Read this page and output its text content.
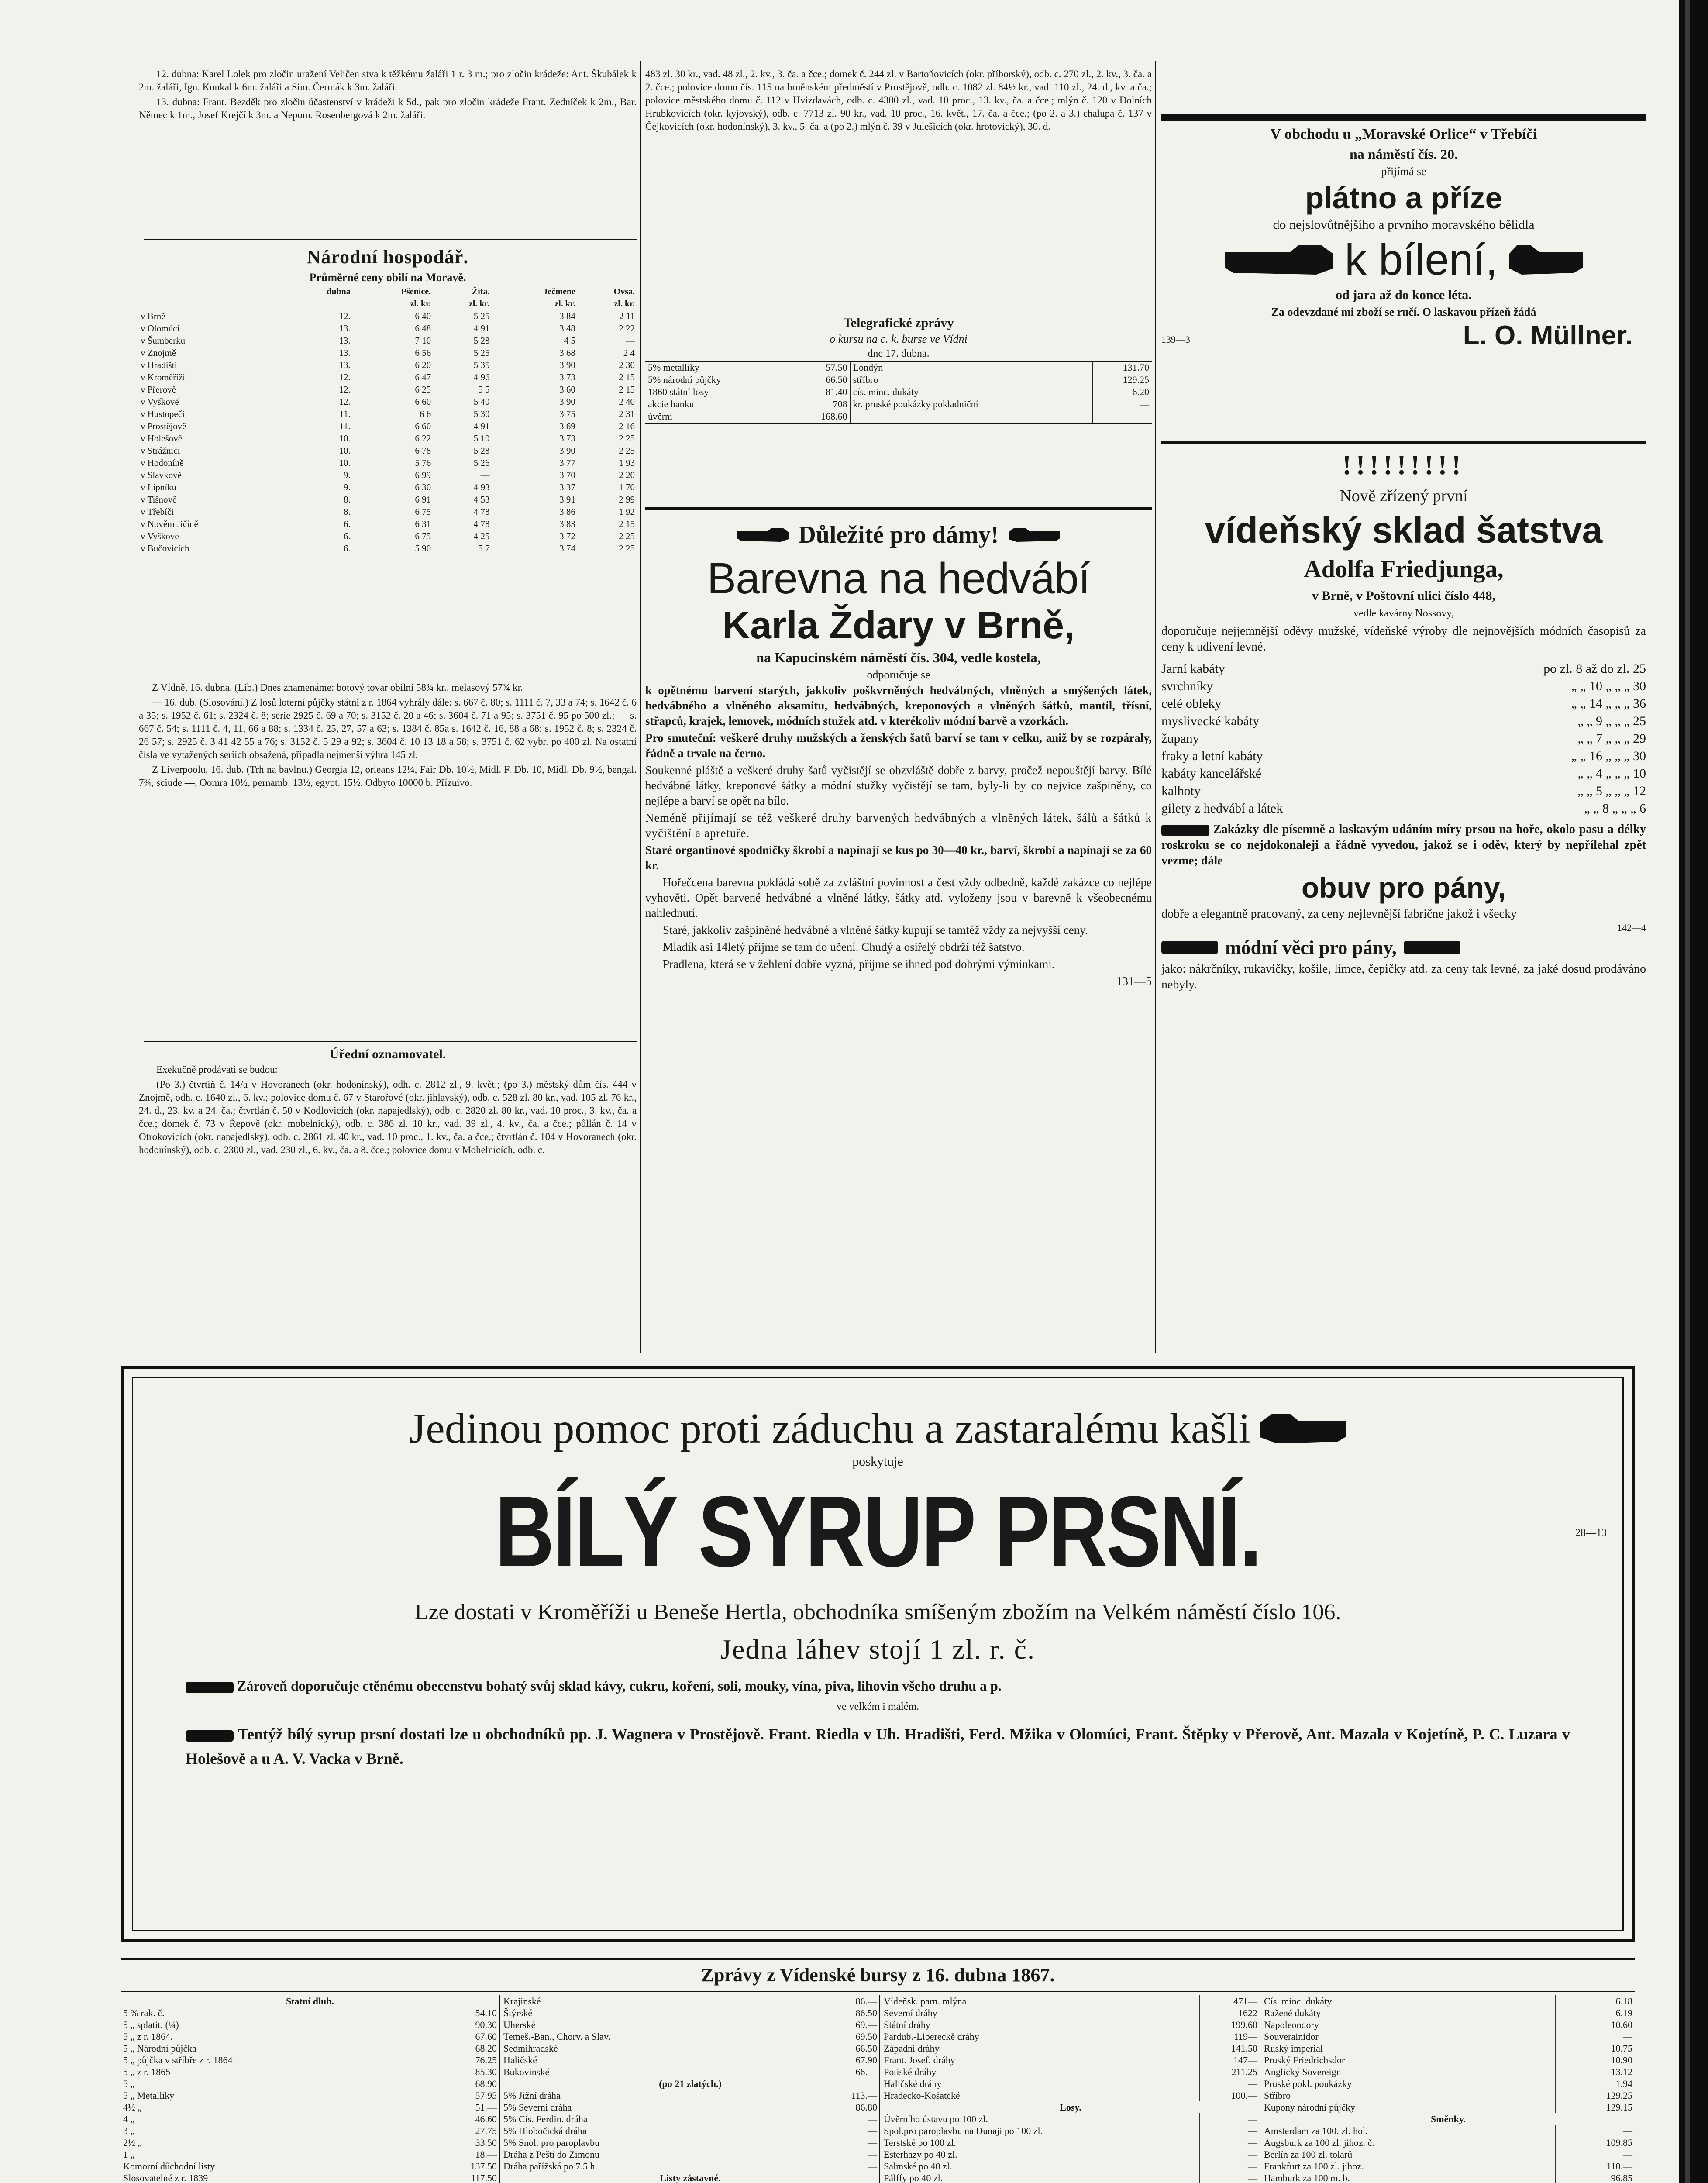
12. dubna: Karel Lolek pro zločin uražení Veličen stva k těžkému žaláři 1 r. 3 m.; pro zločin krádeže: Ant. Škubálek k 2m. žaláři, Ign. Koukal k 6m. žaláři a Sim. Čermák k 3m. žaláři.

13. dubna: Frant. Bezděk pro zločin účastenství v krádeži k 5d., pak pro zločin krádeže Frant. Zedníček k 2m., Bar. Němec k 1m., Josef Krejčí k 3m. a Nepom. Rosenbergová k 2m. žaláři.

Národní hospodář.
Průměrné ceny obilí na Moravě.
	dubna	Pšenice.	Žita.	Ječmene	Ovsa.
		zl. kr.	zl. kr.	zl. kr.	zl. kr.
v Brně	12.	6 40	5 25	3 84	2 11
v Olomúci	13.	6 48	4 91	3 48	2 22
v Šumberku	13.	7 10	5 28	4 5	—
v Znojmě	13.	6 56	5 25	3 68	2 4
v Hradišti	13.	6 20	5 35	3 90	2 30
v Kroměříži	12.	6 47	4 96	3 73	2 15
v Přerově	12.	6 25	5 5	3 60	2 15
v Vyškově	12.	6 60	5 40	3 90	2 40
v Hustopeči	11.	6 6	5 30	3 75	2 31
v Prostějově	11.	6 60	4 91	3 69	2 16
v Holešově	10.	6 22	5 10	3 73	2 25
v Strážnici	10.	6 78	5 28	3 90	2 25
v Hodoníně	10.	5 76	5 26	3 77	1 93
v Slavkově	9.	6 99	—	3 70	2 20
v Lipníku	9.	6 30	4 93	3 37	1 70
v Tišnově	8.	6 91	4 53	3 91	2 99
v Třebíči	8.	6 75	4 78	3 86	1 92
v Nověm Jičíně	6.	6 31	4 78	3 83	2 15
v Vyškove	6.	6 75	4 25	3 72	2 25
v Bučovicích	6.	5 90	5 7	3 74	2 25

Z Vídně, 16. dubna. (Lib.) Dnes znamenáme: botový tovar obilní 58¾ kr., melasový 57¾ kr.

— 16. dub. (Slosování.) Z losů loterní půjčky státní z r. 1864 vyhrály dále: s. 667 č. 80; s. 1111 č. 7, 33 a 74; s. 1642 č. 6 a 35; s. 1952 č. 61; s. 2324 č. 8; serie 2925 č. 69 a 70; s. 3152 č. 20 a 46; s. 3604 č. 71 a 95; s. 3751 č. 95 po 500 zl.; — s. 667 č. 54; s. 1111 č. 4, 11, 66 a 88; s. 1334 č. 25, 27, 57 a 63; s. 1384 č. 85a s. 1642 č. 16, 88 a 68; s. 1952 č. 8; s. 2324 č. 26 57; s. 2925 č. 3 41 42 55 a 76; s. 3152 č. 5 29 a 92; s. 3604 č. 10 13 18 a 58; s. 3751 č. 62 vybr. po 400 zl. Na ostatní čísla ve vytažených seriích obsažená, připadla nejmenší výhra 145 zl.

Z Liverpoolu, 16. dub. (Trh na bavlnu.) Georgia 12, orleans 12¼, Fair Db. 10½, Midl. F. Db. 10, Midl. Db. 9½, bengal. 7¾, sciude —, Oomra 10½, pernamb. 13½, egypt. 15½. Odbyto 10000 b. Přízuivo.

Úřední oznamovatel.

Exekučně prodávati se budou:

(Po 3.) čtvrtiň č. 14/a v Hovoranech (okr. hodonínský), odh. c. 2812 zl., 9. květ.; (po 3.) městský dům čís. 444 v Znojmě, odh. c. 1640 zl., 6. kv.; polovice domu č. 67 v Starořové (okr. jihlavský), odb. c. 528 zl. 80 kr., vad. 105 zl. 76 kr., 24. d., 23. kv. a 24. ča.; čtvrtlán č. 50 v Kodlovicích (okr. napajedlský), odb. c. 2820 zl. 80 kr., vad. 10 proc., 3. kv., ča. a čce.; domek č. 73 v Řepově (okr. mobelnický), odb. c. 386 zl. 10 kr., vad. 39 zl., 4. kv., ča. a čce.; půllán č. 14 v Otrokovicích (okr. napajedlský), odb. c. 2861 zl. 40 kr., vad. 10 proc., 1. kv., ča. a čce.; čtvrtlán č. 104 v Hovoranech (okr. hodonínský), odb. c. 2300 zl., vad. 230 zl., 6. kv., ča. a 8. čce.; polovice domu v Mohelnicích, odb. c.

483 zl. 30 kr., vad. 48 zl., 2. kv., 3. ča. a čce.; domek č. 244 zl. v Bartoňovicích (okr. příborský), odb. c. 270 zl., 2. kv., 3. ča. a 2. čce.; polovice domu čís. 115 na brněnském předměstí v Prostějově, odb. c. 1082 zl. 84½ kr., vad. 110 zl., 24. d., kv. a ča.; polovice městského domu č. 112 v Hvizdavách, odb. c. 4300 zl., vad. 10 proc., 13. kv., ča. a čce.; mlýn č. 120 v Dolních Hrubkovicích (okr. kyjovský), odb. c. 7713 zl. 90 kr., vad. 10 proc., 16. květ., 17. ča. a čce.; (po 2. a 3.) chalupa č. 137 v Čejkovicích (okr. hodonínský), 3. kv., 5. ča. a (po 2.) mlýn č. 39 v Julešicích (okr. hrotovický), 30. d.

Telegrafické zprávy
o kursu na c. k. burse ve Vídni
dne 17. dubna.
5% metalliky	57.50	Londýn	131.70
5% národní půjčky	66.50	stříbro	129.25
1860 státní losy	81.40	cís. minc. dukáty	6.20
akcie banku	708	kr. pruské poukázky pokladniční	—
úvěrní	168.60		
Důležité pro dámy!
Barevna na hedvábí
Karla Ždary v Brně,
na Kapucinském náměstí čís. 304, vedle kostela,
odporučuje se

k opětnému barvení starých, jakkoliv poškvrněných hedvábných, vlněných a smýšených látek, hedvábného a vlněného aksamitu, hedvábných, kreponových a vlněných šátků, mantil, třísní, střapců, krajek, lemovek, módních stužek atd. v kterékoliv módní barvě a vzorkách.

Pro smuteční: veškeré druhy mužských a ženských šatů barví se tam v celku, aniž by se rozpáraly, řádně a trvale na černo.

Soukenné pláště a veškeré druhy šatů vyčistějí se obzvláště dobře z barvy, pročež nepouštějí barvy. Bílé hedvábné látky, kreponové šátky a módní stužky vyčistějí se tam, byly-li by co nejvice zašpiněny, co nejlépe a barví se opět na bílo.

Neméně přijímají se též veškeré druhy barvených hedvábných a vlněných látek, šálů a šátků k vyčištění a apretuře.

Staré organtinové spodničky škrobí a napínají se kus po 30—40 kr., barví, škrobí a napínají se za 60 kr.

Hořečcena barevna pokládá sobě za zvláštní povinnost a čest vždy odbedně, každé zakázce co nejlépe vyhověti. Opět barvené hedvábné a vlněné látky, šátky atd. vyloženy jsou v barevně k všeobecnému nahlednutí.

Staré, jakkoliv zašpiněné hedvábné a vlněné šátky kupují se tamtéž vždy za nejvyšší ceny.

Mladík asi 14letý přijme se tam do učení. Chudý a osiřelý obdrží též šatstvo.

Pradlena, která se v žehlení dobře vyzná, přijme se ihned pod dobrými výminkami.

131—5
V obchodu u „Moravské Orlice“ v Třebíči
na náměstí čís. 20.
přijímá se
plátno a příze
do nejslovůtnějšího a prvního moravského bělidla
k bílení,
od jara až do konce léta.
Za odevzdané mi zboží se ručí. O laskavou přízeň žádá
139—3	L. O. Müllner.
!!!!!!!!!
Nově zřízený první
vídeňský sklad šatstva
Adolfa Friedjunga,
v Brně, v Poštovní ulici číslo 448,
vedle kavárny Nossovy,
doporučuje nejjemnější oděvy mužské, vídeňské výroby dle nejnovějších módních časopisů za ceny k udivení levné.
Jarní kabáty	po zl. 8 až do zl. 25
svrchníky	„ „ 10 „ „ „ 30
celé obleky	„ „ 14 „ „ „ 36
myslivecké kabáty	„ „ 9 „ „ „ 25
župany	„ „ 7 „ „ „ 29
fraky a letní kabáty	„ „ 16 „ „ „ 30
kabáty kancelářské	„ „ 4 „ „ „ 10
kalhoty	„ „ 5 „ „ „ 12
gilety z hedvábí a látek	„ „ 8 „ „ „ 6
Zakázky dle písemně a laskavým udáním míry prsou na hoře, okolo pasu a délky roskroku se co nejdokonaleji a řádně vyvedou, jakož se i oděv, který by nepřílehal zpět vezme; dále
obuv pro pány,
dobře a elegantně pracovaný, za ceny nejlevnější fabrične jakož i všecky
142—4
módní věci pro pány,
jako: nákrčníky, rukavičky, košile, límce, čepičky atd. za ceny tak levné, za jaké dosud prodáváno nebyly.
Jedinou pomoc proti záduchu a zastaralému kašli
poskytuje
BÍLÝ SYRUP PRSNÍ.	28—13
Lze dostati v Kroměříži u Beneše Hertla, obchodníka smíšeným zbožím na Velkém náměstí číslo 106.
Jedna láhev stojí 1 zl. r. č.
Zároveň doporučuje ctěnému obecenstvu bohatý svůj sklad kávy, cukru, koření, soli, mouky, vína, piva, lihovin všeho druhu a p.
ve velkém i malém.
Tentýž bílý syrup prsní dostati lze u obchodníků pp. J. Wagnera v Prostějově. Frant. Riedla v Uh. Hradišti, Ferd. Mžika v Olomúci, Frant. Štěpky v Přerově, Ant. Mazala v Kojetíně, P. C. Luzara v Holešově a u A. V. Vacka v Brně.
Zprávy z Vídenské bursy z 16. dubna 1867.
Statní dluh.	
5 % rak. č.	54.10
5 „ splatit. (¼)	90.30
5 „ z r. 1864.	67.60
5 „ Národní půjčka	68.20
5 „ půjčka v stříbře z r. 1864	76.25
5 „ z r. 1865	85.30
5 „	68.90
5 „ Metalliky	57.95
4½ „	51.—
4 „	46.60
3 „	27.75
2½ „	33.50
1 „	18.—
Komorní důchodní listy	137.50
Slosovatelné z r. 1839	117.50

Krajinské	86.—
Štýrské	86.50
Uherské	69.—
Temeš.-Ban., Chorv. a Slav.	69.50
Sedmihradské	66.50
Haličské	67.90
Bukovinské	66.—
(po 21 zlatých.)	
5% Jižní dráha	113.—
5% Severní dráha	86.80
5% Cís. Ferdin. dráha	—
5% Hlobočická dráha	—
5% Snol. pro paroplavbu	—
Dráha z Pešti do Zimonu	—
Dráha pařížská po 7.5 h.	—
Listy zástavné.	

Vídeňsk. parn. mlýna	471—
Severní dráhy	1622
Státní dráhy	199.60
Pardub.-Libereckě dráhy	119—
Západní dráhy	141.50
Frant. Josef. dráhy	147—
Potiské dráhy	211.25
Haličské dráhy	—
Hradecko-Košatcké	100.—
Losy.	
Úvěrního ústavu po 100 zl.	—
Spol.pro paroplavbu na Dunaji po 100 zl.	—
Terstské po 100 zl.	—
Esterhazy po 40 zl.	—
Salmské po 40 zl.	—
Pálffy po 40 zl.	—

Cís. minc. dukáty	6.18
Ražené dukáty	6.19
Napoleondory	10.60
Souverainidor	—
Ruský imperial	10.75
Pruský Friedrichsdor	10.90
Anglický Sovereign	13.12
Pruské pokl. poukázky	1.94
Stříbro	129.25
Kupony národní půjčky	129.15
Směnky.	
Amsterdam za 100. zl. hol.	—
Augsburk za 100 zl. jihoz. č.	109.85
Berlín za 100 zl. tolarů	—
Frankfurt za 100 zl. jihoz.	110.—
Hamburk za 100 m. b.	96.85
